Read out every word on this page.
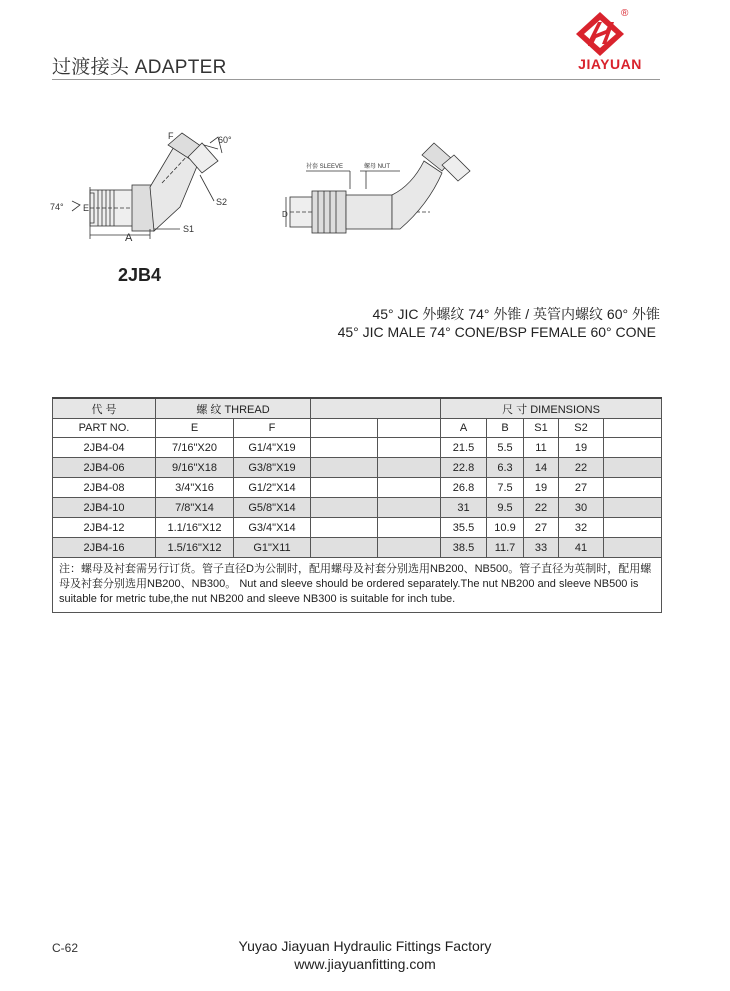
过渡接头 ADAPTER
®
JIAYUAN
74° E
F	60°
A
S1
S2
D
衬套 SLEEVE	螺母 NUT
2JB4
45° JIC 外螺纹 74° 外锥 / 英管内螺纹 60° 外锥
45° JIC MALE 74° CONE/BSP FEMALE 60° CONE
代 号	螺 纹 THREAD				尺 寸 DIMENSIONS				
PART NO.	E	F			A	B	S1	S2	
2JB4-04	7/16"X20	G1/4"X19			21.5	5.5	11	19	
2JB4-06	9/16"X18	G3/8"X19			22.8	6.3	14	22	
2JB4-08	3/4"X16	G1/2"X14			26.8	7.5	19	27	
2JB4-10	7/8"X14	G5/8"X14			31	9.5	22	30	
2JB4-12	1.1/16"X12	G3/4"X14			35.5	10.9	27	32	
2JB4-16	1.5/16"X12	G1"X11			38.5	11.7	33	41	
注：螺母及衬套需另行订货。管子直径D为公制时，配用螺母及衬套分别选用NB200、NB500。管子直径为英制时，配用螺母及衬套分别选用NB200、NB300。 Nut and sleeve should be ordered separately.The nut NB200 and sleeve NB500 is suitable for metric tube,the nut NB200 and sleeve NB300 is suitable for inch tube.									
C-62	Yuyao Jiayuan Hydraulic Fittings Factory
www.jiayuanfitting.com
